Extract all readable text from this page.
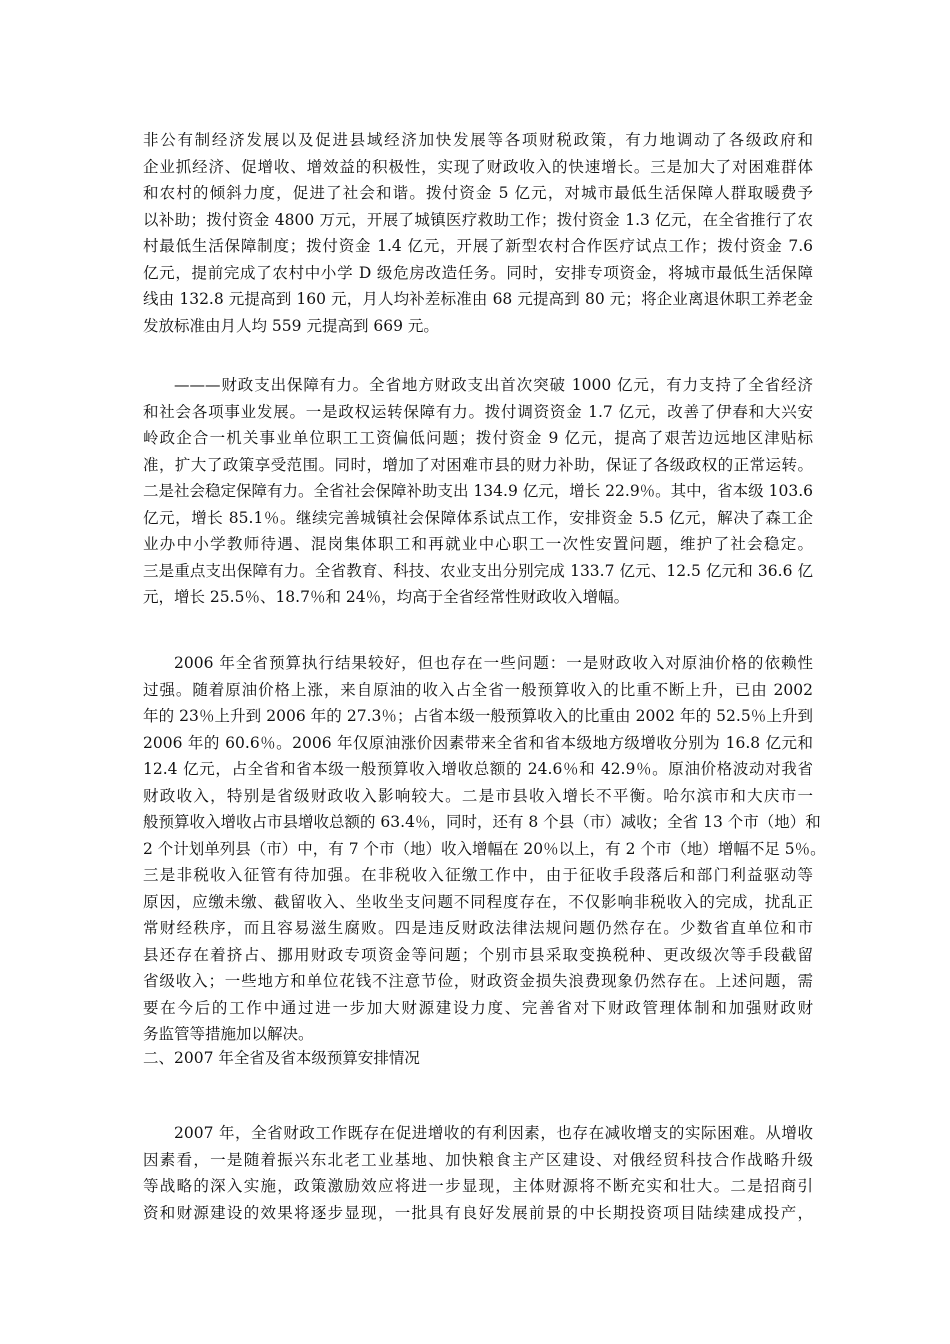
非公有制经济发展以及促进县域经济加快发展等各项财税政策，有力地调动了各级政府和
企业抓经济、促增收、增效益的积极性，实现了财政收入的快速增长。三是加大了对困难群体
和农村的倾斜力度，促进了社会和谐。拨付资金 5 亿元，对城市最低生活保障人群取暖费予
以补助；拨付资金 4800 万元，开展了城镇医疗救助工作；拨付资金 1.3 亿元，在全省推行了农
村最低生活保障制度；拨付资金 1.4 亿元，开展了新型农村合作医疗试点工作；拨付资金 7.6
亿元，提前完成了农村中小学 D 级危房改造任务。同时，安排专项资金，将城市最低生活保障
线由 132.8 元提高到 160 元，月人均补差标准由 68 元提高到 80 元；将企业离退休职工养老金
发放标准由月人均 559 元提高到 669 元。
———财政支出保障有力。全省地方财政支出首次突破 1000 亿元，有力支持了全省经济
和社会各项事业发展。一是政权运转保障有力。拨付调资资金 1.7 亿元，改善了伊春和大兴安
岭政企合一机关事业单位职工工资偏低问题；拨付资金 9 亿元，提高了艰苦边远地区津贴标
准，扩大了政策享受范围。同时，增加了对困难市县的财力补助，保证了各级政权的正常运转。
二是社会稳定保障有力。全省社会保障补助支出 134.9 亿元，增长 22.9％。其中，省本级 103.6
亿元，增长 85.1％。继续完善城镇社会保障体系试点工作，安排资金 5.5 亿元，解决了森工企
业办中小学教师待遇、混岗集体职工和再就业中心职工一次性安置问题，维护了社会稳定。
三是重点支出保障有力。全省教育、科技、农业支出分别完成 133.7 亿元、12.5 亿元和 36.6 亿
元，增长 25.5％、18.7％和 24％，均高于全省经常性财政收入增幅。
2006 年全省预算执行结果较好，但也存在一些问题：一是财政收入对原油价格的依赖性
过强。随着原油价格上涨，来自原油的收入占全省一般预算收入的比重不断上升，已由 2002
年的 23％上升到 2006 年的 27.3％；占省本级一般预算收入的比重由 2002 年的 52.5％上升到
2006 年的 60.6％。2006 年仅原油涨价因素带来全省和省本级地方级增收分别为 16.8 亿元和
12.4 亿元，占全省和省本级一般预算收入增收总额的 24.6％和 42.9％。原油价格波动对我省
财政收入，特别是省级财政收入影响较大。二是市县收入增长不平衡。哈尔滨市和大庆市一
般预算收入增收占市县增收总额的 63.4％，同时，还有 8 个县（市）减收；全省 13 个市（地）和
2 个计划单列县（市）中，有 7 个市（地）收入增幅在 20％以上，有 2 个市（地）增幅不足 5％。
三是非税收入征管有待加强。在非税收入征缴工作中，由于征收手段落后和部门利益驱动等
原因，应缴未缴、截留收入、坐收坐支问题不同程度存在，不仅影响非税收入的完成，扰乱正
常财经秩序，而且容易滋生腐败。四是违反财政法律法规问题仍然存在。少数省直单位和市
县还存在着挤占、挪用财政专项资金等问题；个别市县采取变换税种、更改级次等手段截留
省级收入；一些地方和单位花钱不注意节俭，财政资金损失浪费现象仍然存在。上述问题，需
要在今后的工作中通过进一步加大财源建设力度、完善省对下财政管理体制和加强财政财
务监管等措施加以解决。
二、2007 年全省及省本级预算安排情况
2007 年，全省财政工作既存在促进增收的有利因素，也存在减收增支的实际困难。从增收
因素看，一是随着振兴东北老工业基地、加快粮食主产区建设、对俄经贸科技合作战略升级
等战略的深入实施，政策激励效应将进一步显现，主体财源将不断充实和壮大。二是招商引
资和财源建设的效果将逐步显现，一批具有良好发展前景的中长期投资项目陆续建成投产，
